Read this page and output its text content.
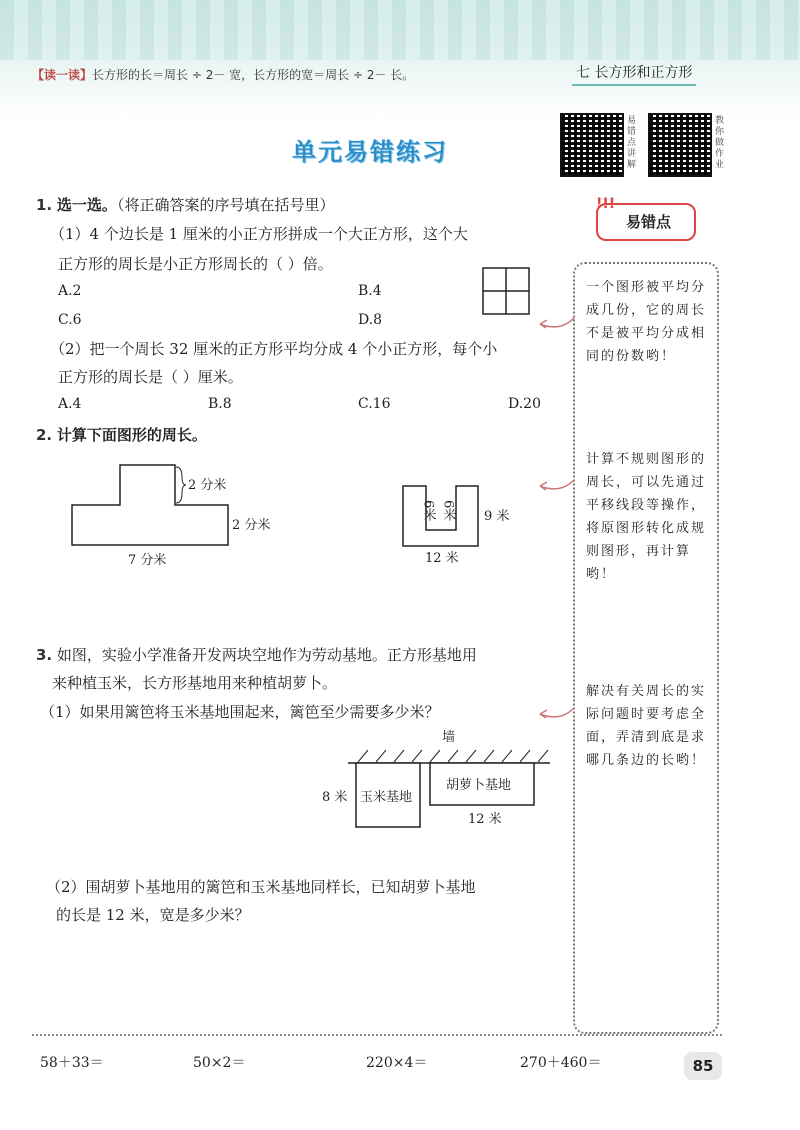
【读一读】长方形的长＝周长 ÷ 2－ 宽，长方形的宽＝周长 ÷ 2－ 长。	七 长方形和正方形
单元易错练习
易错点讲解
教你做作业
1. 选一选。（将正确答案的序号填在括号里）
（1）4 个边长是 1 厘米的小正方形拼成一个大正方形，这个大
正方形的周长是小正方形周长的（ ）倍。
A.2	B.4
C.6	D.8
（2）把一个周长 32 厘米的正方形平均分成 4 个小正方形，每个小
正方形的周长是（ ）厘米。
A.4	B.8	C.16	D.20
2. 计算下面图形的周长。
2 分米
2 分米
7 分米
6米 6米 9 米
12 米
3. 如图，实验小学准备开发两块空地作为劳动基地。正方形基地用
来种植玉米，长方形基地用来种植胡萝卜。
（1）如果用篱笆将玉米基地围起来，篱笆至少需要多少米？
墙
8 米 玉米基地
胡萝卜基地
12 米
（2）围胡萝卜基地用的篱笆和玉米基地同样长，已知胡萝卜基地
的长是 12 米，宽是多少米？
!!!
易错点
一个图形被平均分成几份，它的周长不是被平均分成相同的份数哟！
计算不规则图形的周长，可以先通过平移线段等操作，将原图形转化成规则图形，再计算哟！
解决有关周长的实际问题时要考虑全面，弄清到底是求哪几条边的长哟！
58＋33＝	50×2＝	220×4＝	270＋460＝	85
